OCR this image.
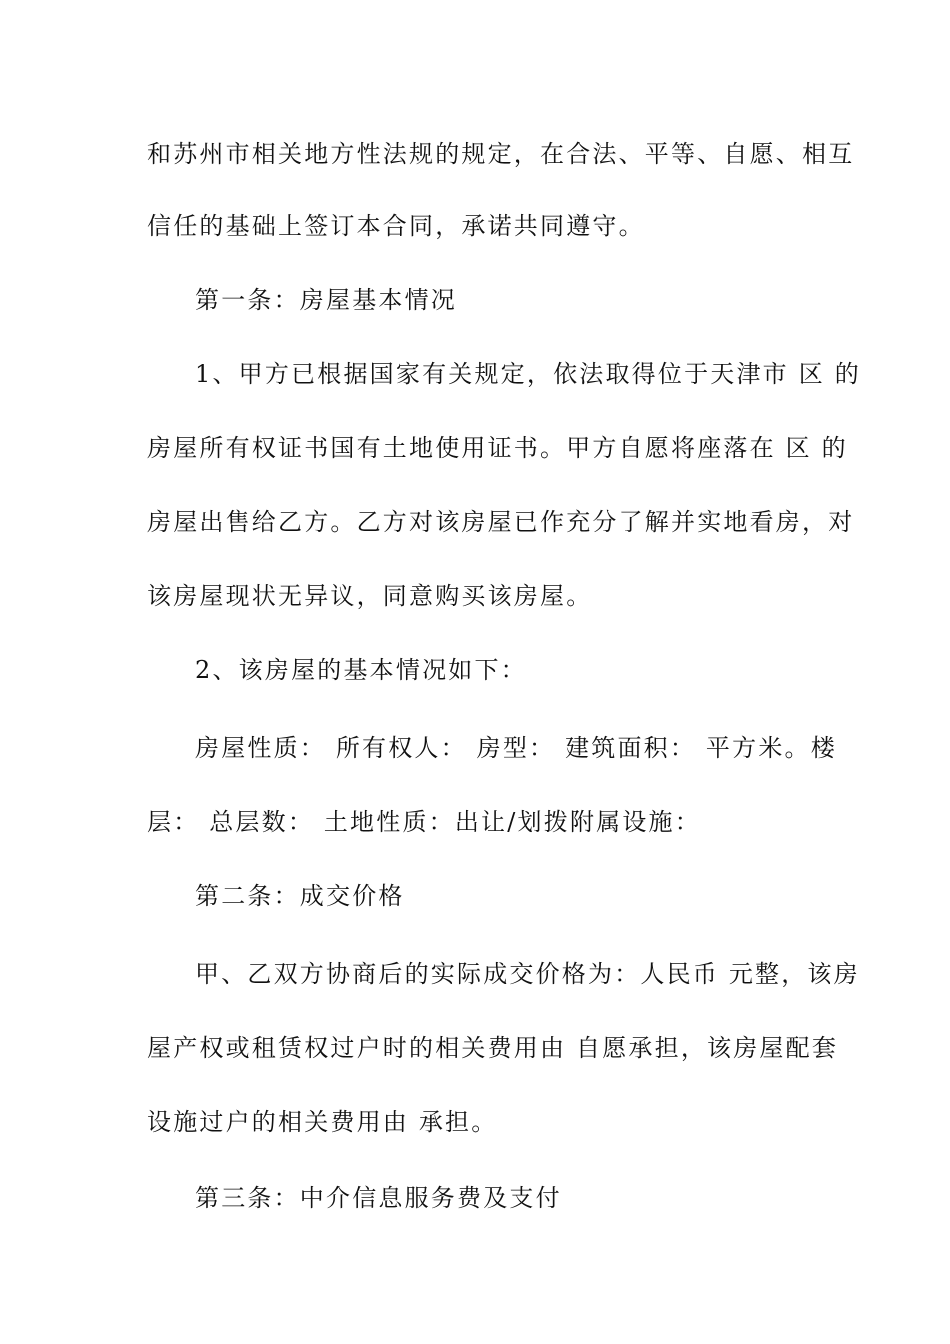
和苏州市相关地方性法规的规定，在合法、平等、自愿、相互
信任的基础上签订本合同，承诺共同遵守。
第一条：房屋基本情况
1、甲方已根据国家有关规定，依法取得位于天津市 区 的
房屋所有权证书国有土地使用证书。甲方自愿将座落在 区 的
房屋出售给乙方。乙方对该房屋已作充分了解并实地看房，对
该房屋现状无异议，同意购买该房屋。
2、该房屋的基本情况如下：
房屋性质： 所有权人： 房型： 建筑面积： 平方米。楼
层： 总层数： 土地性质：出让/划拨附属设施：
第二条：成交价格
甲、乙双方协商后的实际成交价格为：人民币 元整，该房
屋产权或租赁权过户时的相关费用由 自愿承担，该房屋配套
设施过户的相关费用由 承担。
第三条：中介信息服务费及支付
